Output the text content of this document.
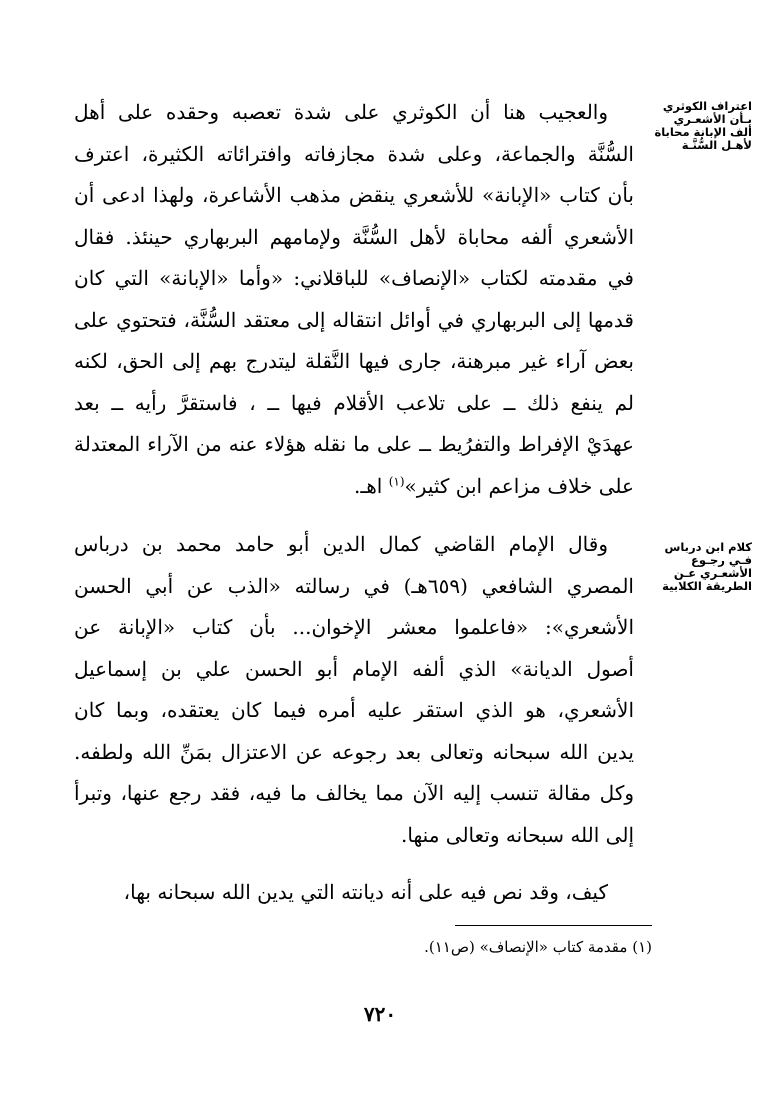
اعتراف الكوثري
بـأن الأشعـري
ألف الإبانة محاباة
لأهـل السُّنَّـة
كلام ابن درباس
فـي رجـوع
الأشعـري عـن
الطريقة الكلابية
والعجيب هنا أن الكوثري على شدة تعصبه وحقده على أهل
السُّنَّة والجماعة، وعلى شدة مجازفاته وافترائاته الكثيرة، اعترف
بأن كتاب «الإبانة» للأشعري ينقض مذهب الأشاعرة، ولهذا ادعى أن
الأشعري ألفه محاباة لأهل السُّنَّة ولإمامهم البربهاري حينئذ. فقال
في مقدمته لكتاب «الإنصاف» للباقلاني: «وأما «الإبانة» التي كان
قدمها إلى البربهاري في أوائل انتقاله إلى معتقد السُّنَّة، فتحتوي على
بعض آراء غير مبرهنة، جارى فيها النَّقلة ليتدرج بهم إلى الحق، لكنه
لم ينفع ذلك ــ على تلاعب الأقلام فيها ــ ، فاستقرَّ رأيه ــ بعد
عهدَيْ الإفراط والتفرُيط ــ على ما نقله هؤلاء عنه من الآراء المعتدلة
على خلاف مزاعم ابن كثير»$^{(١)}$ اهـ.
وقال الإمام القاضي كمال الدين أبو حامد محمد بن درباس
المصري الشافعي (٦٥٩هـ) في رسالته «الذب عن أبي الحسن
الأشعري»: «فاعلموا معشر الإخوان... بأن كتاب «الإبانة عن
أصول الديانة» الذي ألفه الإمام أبو الحسن علي بن إسماعيل
الأشعري، هو الذي استقر عليه أمره فيما كان يعتقده، وبما كان
يدين الله سبحانه وتعالى بعد رجوعه عن الاعتزال بمَنِّ الله ولطفه.
وكل مقالة تنسب إليه الآن مما يخالف ما فيه، فقد رجع عنها، وتبرأ
إلى الله سبحانه وتعالى منها.
كيف، وقد نص فيه على أنه ديانته التي يدين الله سبحانه بها،
(١) مقدمة كتاب «الإنصاف» (ص١١).
٧٢٠
